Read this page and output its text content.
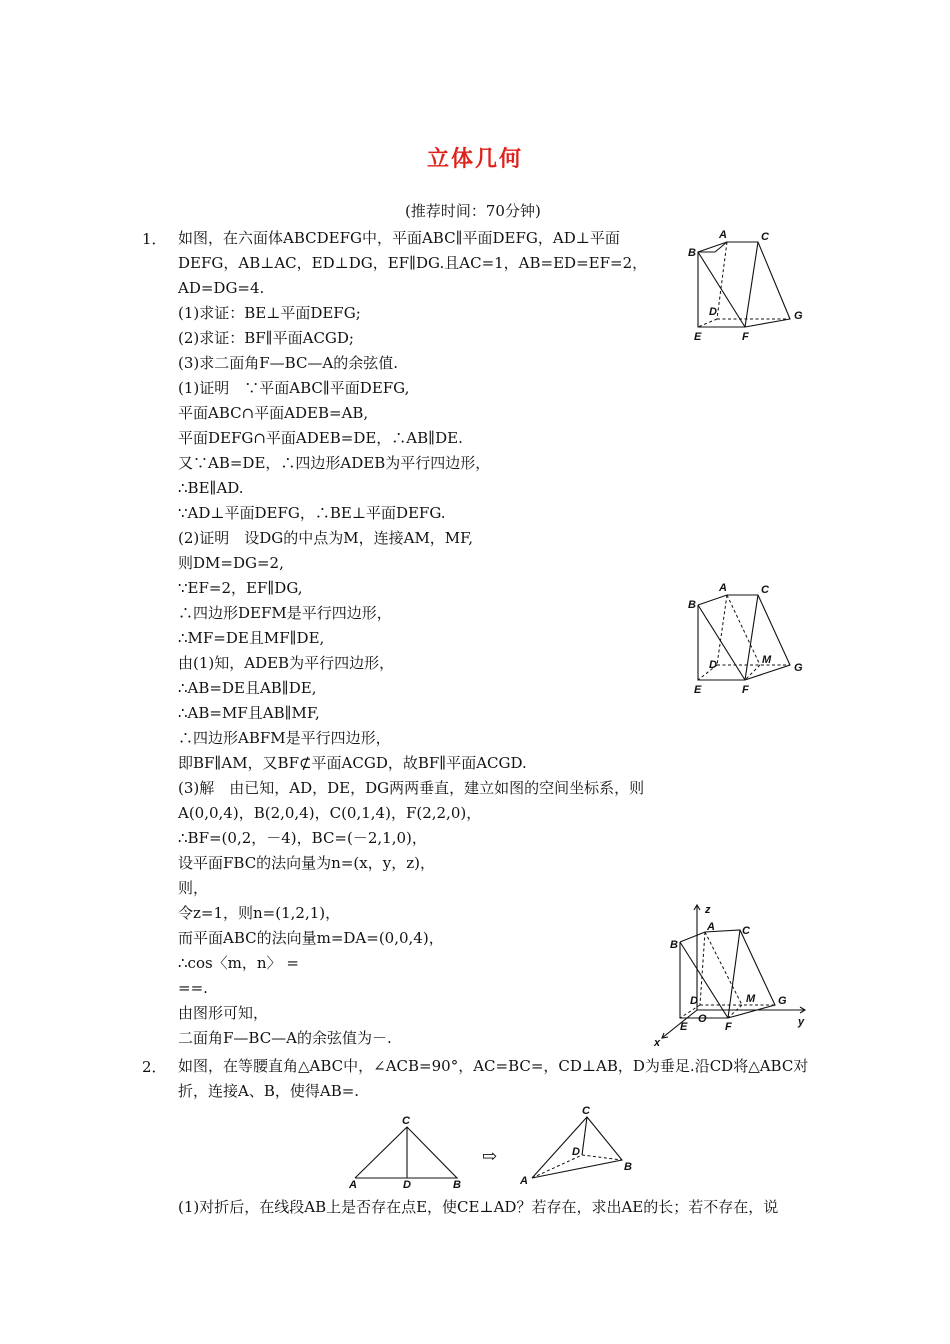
立体几何
(推荐时间：70分钟)
1． 如图，在六面体ABCDEFG中，平面ABC∥平面DEFG，AD⊥平面
DEFG，AB⊥AC，ED⊥DG，EF∥DG.且AC=1，AB=ED=EF=2，
AD=DG=4.
(1)求证：BE⊥平面DEFG;
(2)求证：BF∥平面ACGD;
(3)求二面角F—BC—A的余弦值.
(1)证明　∵平面ABC∥平面DEFG,
平面ABC∩平面ADEB=AB,
平面DEFG∩平面ADEB=DE，∴AB∥DE.
又∵AB=DE，∴四边形ADEB为平行四边形，
∴BE∥AD.
∵AD⊥平面DEFG，∴BE⊥平面DEFG.
(2)证明　设DG的中点为M，连接AM，MF,
则DM=DG=2,
∵EF=2，EF∥DG,
∴四边形DEFM是平行四边形，
∴MF=DE且MF∥DE,
由(1)知，ADEB为平行四边形，
∴AB=DE且AB∥DE,
∴AB=MF且AB∥MF,
∴四边形ABFM是平行四边形，
即BF∥AM，又BF⊄平面ACGD，故BF∥平面ACGD.
(3)解　由已知，AD，DE，DG两两垂直，建立如图的空间坐标系，则
A(0,0,4)，B(2,0,4)，C(0,1,4)，F(2,2,0)，
∴BF=(0,2，－4)，BC=(－2,1,0)，
设平面FBC的法向量为n=(x，y，z)，
则，
令z=1，则n=(1,2,1)，
而平面ABC的法向量m=DA=(0,0,4)，
∴cos〈m，n〉 =
==.
由图形可知，
二面角F—BC—A的余弦值为－.
2． 如图，在等腰直角△ABC中，∠ACB=90°，AC=BC=，CD⊥AB，D为垂足.沿CD将△ABC对
折，连接A、B，使得AB=.
(1)对折后，在线段AB上是否存在点E，使CE⊥AD？若存在，求出AE的长；若不存在，说
A	C
B
D	G
E	F
A	C
B
D	M
G
E	F
z
A C
B
D	M G
O
E	F	y
x
C
A	D	B
⇨
C
D
A
B
